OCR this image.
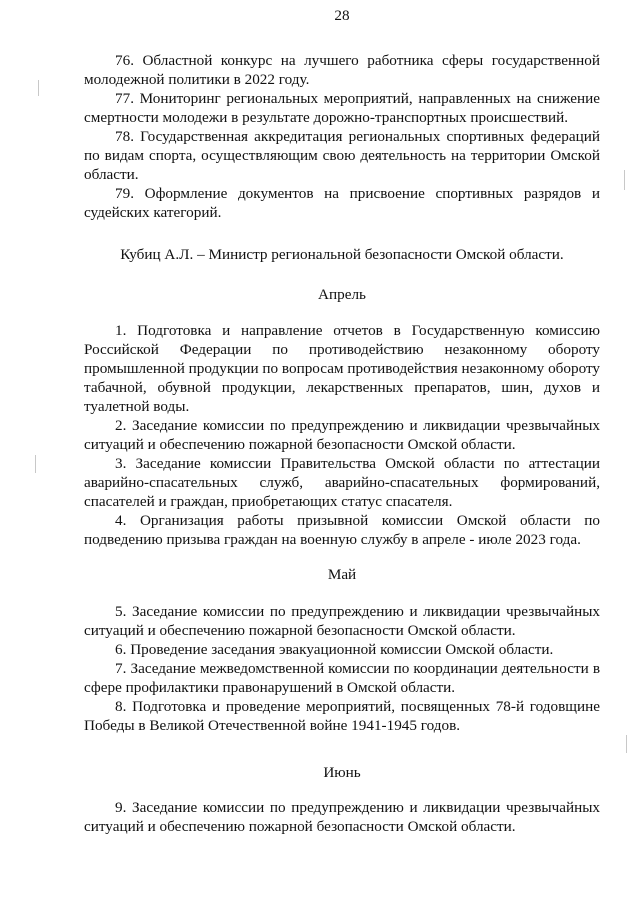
28

76. Областной конкурс на лучшего работника сферы государственной молодежной политики в 2022 году.

77. Мониторинг региональных мероприятий, направленных на снижение смертности молодежи в результате дорожно-транспортных происшествий.

78. Государственная аккредитация региональных спортивных федераций по видам спорта, осуществляющим свою деятельность на территории Омской области.

79. Оформление документов на присвоение спортивных разрядов и судейских категорий.

Кубиц А.Л. – Министр региональной безопасности Омской области.

Апрель

1. Подготовка и направление отчетов в Государственную комиссию Российской Федерации по противодействию незаконному обороту промышленной продукции по вопросам противодействия незаконному обороту табачной, обувной продукции, лекарственных препаратов, шин, духов и туалетной воды.

2. Заседание комиссии по предупреждению и ликвидации чрезвычайных ситуаций и обеспечению пожарной безопасности Омской области.

3. Заседание комиссии Правительства Омской области по аттестации аварийно-спасательных служб, аварийно-спасательных формирований, спасателей и граждан, приобретающих статус спасателя.

4. Организация работы призывной комиссии Омской области по подведению призыва граждан на военную службу в апреле - июле 2023 года.

Май

5. Заседание комиссии по предупреждению и ликвидации чрезвычайных ситуаций и обеспечению пожарной безопасности Омской области.

6. Проведение заседания эвакуационной комиссии Омской области.

7. Заседание межведомственной комиссии по координации деятельности в сфере профилактики правонарушений в Омской области.

8. Подготовка и проведение мероприятий, посвященных 78-й годовщине Победы в Великой Отечественной войне 1941-1945 годов.

Июнь

9. Заседание комиссии по предупреждению и ликвидации чрезвычайных ситуаций и обеспечению пожарной безопасности Омской области.
